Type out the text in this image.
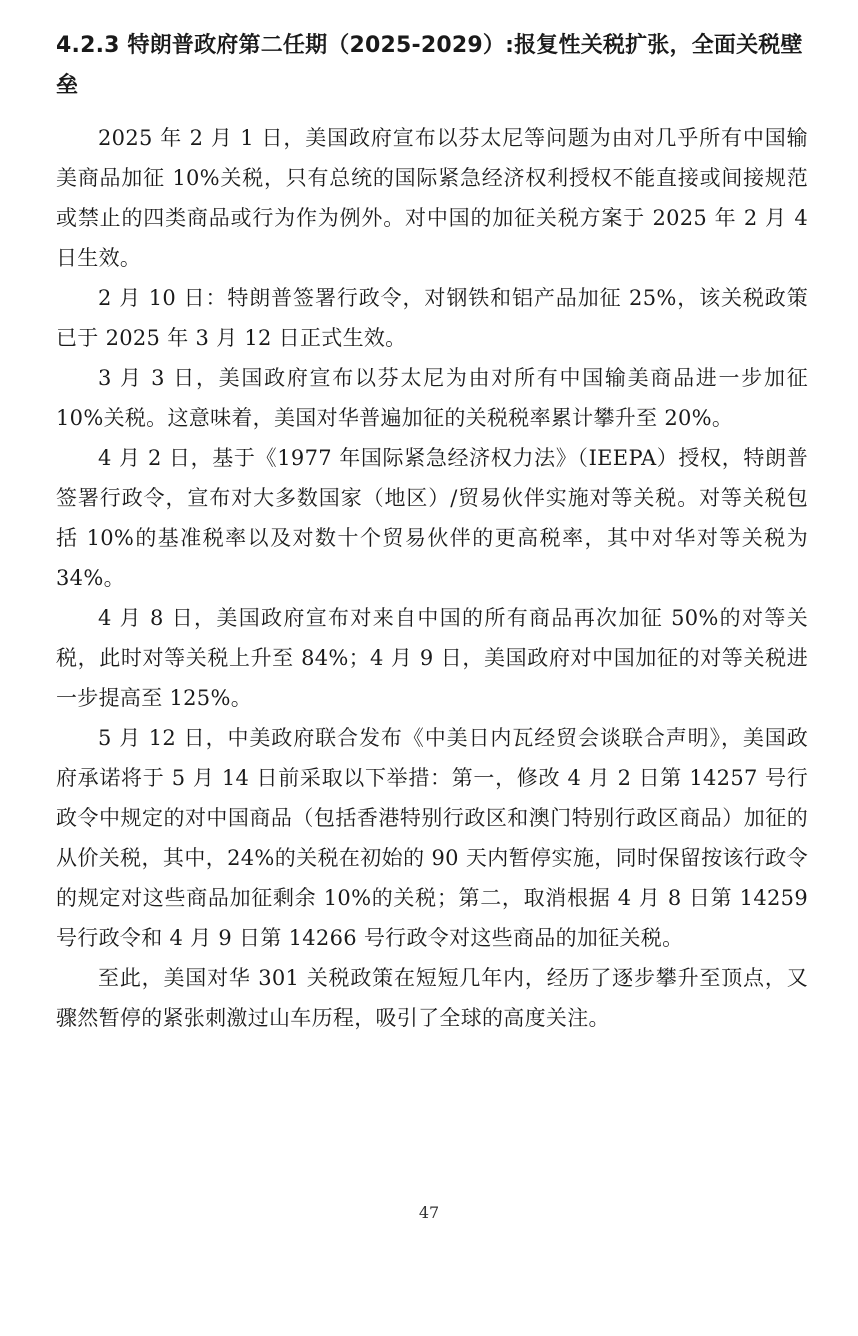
4.2.3 特朗普政府第二任期（2025-2029）:报复性关税扩张，全面关税壁垒

2025 年 2 月 1 日，美国政府宣布以芬太尼等问题为由对几乎所有中国输美商品加征 10%关税，只有总统的国际紧急经济权利授权不能直接或间接规范或禁止的四类商品或行为作为例外。对中国的加征关税方案于 2025 年 2 月 4 日生效。

2 月 10 日：特朗普签署行政令，对钢铁和铝产品加征 25%，该关税政策已于 2025 年 3 月 12 日正式生效。

3 月 3 日，美国政府宣布以芬太尼为由对所有中国输美商品进一步加征 10%关税。这意味着，美国对华普遍加征的关税税率累计攀升至 20%。

4 月 2 日，基于《1977 年国际紧急经济权力法》（IEEPA）授权，特朗普签署行政令，宣布对大多数国家（地区）/贸易伙伴实施对等关税。对等关税包括 10%的基准税率以及对数十个贸易伙伴的更高税率，其中对华对等关税为 34%。

4 月 8 日，美国政府宣布对来自中国的所有商品再次加征 50%的对等关税，此时对等关税上升至 84%；4 月 9 日，美国政府对中国加征的对等关税进一步提高至 125%。

5 月 12 日，中美政府联合发布《中美日内瓦经贸会谈联合声明》，美国政府承诺将于 5 月 14 日前采取以下举措：第一，修改 4 月 2 日第 14257 号行政令中规定的对中国商品（包括香港特别行政区和澳门特别行政区商品）加征的从价关税，其中，24%的关税在初始的 90 天内暂停实施，同时保留按该行政令的规定对这些商品加征剩余 10%的关税；第二，取消根据 4 月 8 日第 14259 号行政令和 4 月 9 日第 14266 号行政令对这些商品的加征关税。

至此，美国对华 301 关税政策在短短几年内，经历了逐步攀升至顶点，又骤然暂停的紧张刺激过山车历程，吸引了全球的高度关注。

47
